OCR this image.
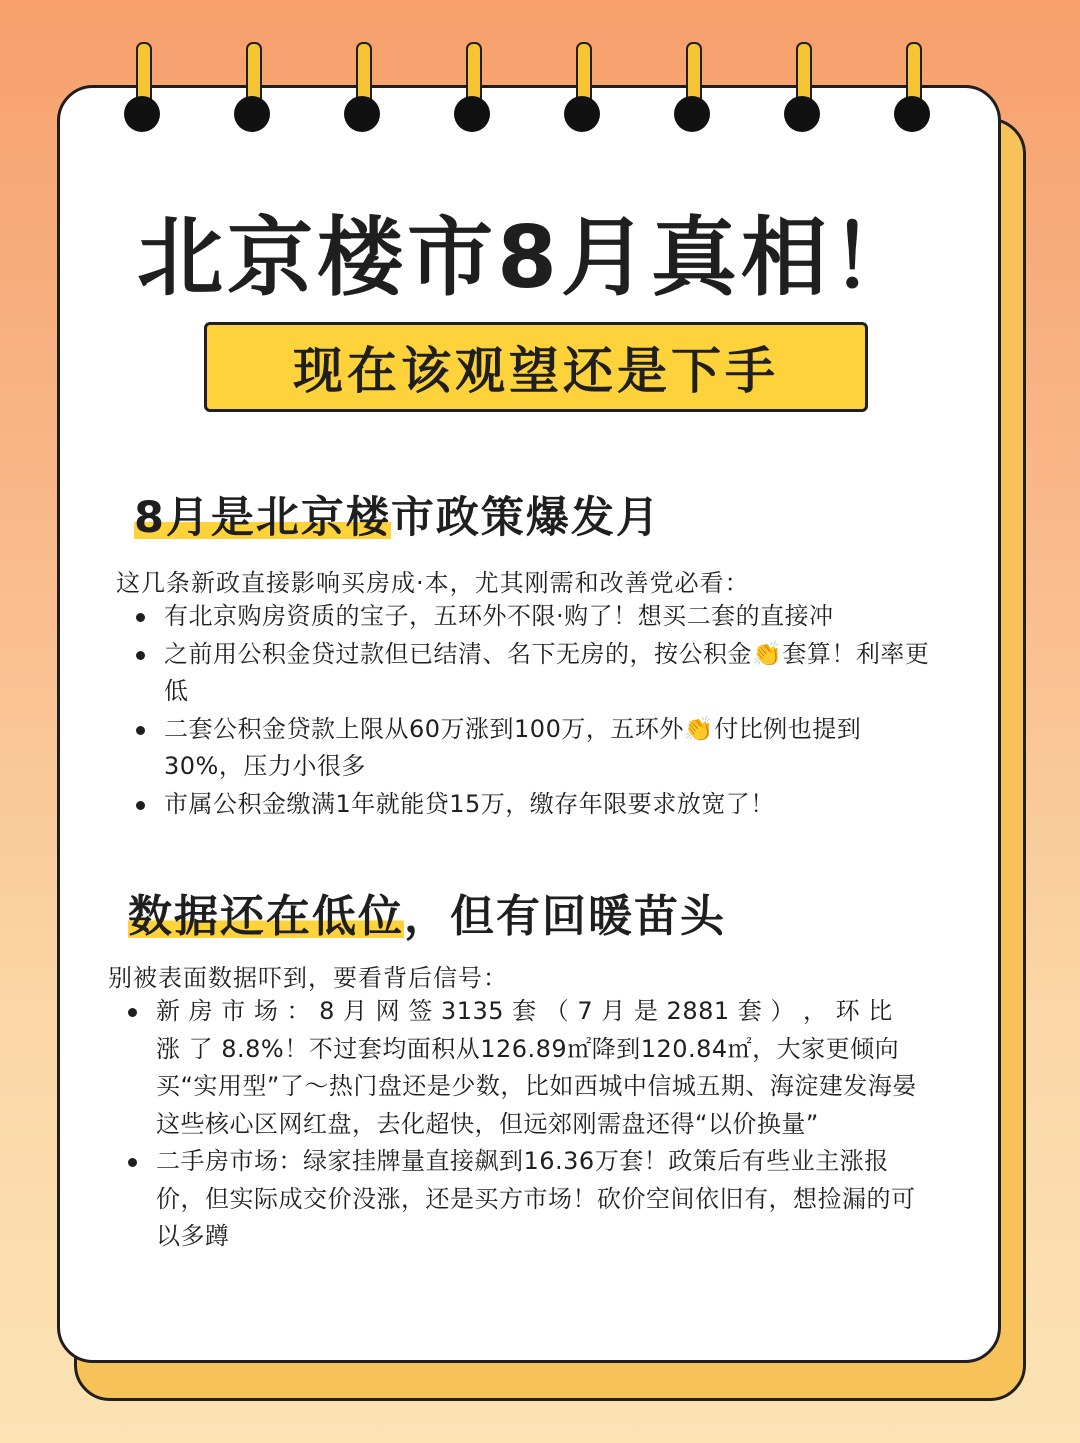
北京楼市8月真相！
现在该观望还是下手
8月是北京楼市政策爆发月

这几条新政直接影响买房成·本，尤其刚需和改善党必看：

有北京购房资质的宝子，五环外不限·购了！想买二套的直接冲
之前用公积金贷过款但已结清、名下无房的，按公积金👏套算！利率更低
二套公积金贷款上限从60万涨到100万，五环外👏付比例也提到30%，压力小很多
市属公积金缴满1年就能贷15万，缴存年限要求放宽了！
数据还在低位，但有回暖苗头

别被表面数据吓到，要看背后信号：

新 房 市 场 ： 8 月 网 签 3135 套 （ 7 月 是 2881 套 ） ， 环 比 涨 了 8.8%！不过套均面积从126.89㎡降到120.84㎡，大家更倾向买“实用型”了～热门盘还是少数，比如西城中信城五期、海淀建发海晏这些核心区网红盘，去化超快，但远郊刚需盘还得“以价换量”
二手房市场：绿家挂牌量直接飙到16.36万套！政策后有些业主涨报价，但实际成交价没涨，还是买方市场！砍价空间依旧有，想捡漏的可以多蹲
